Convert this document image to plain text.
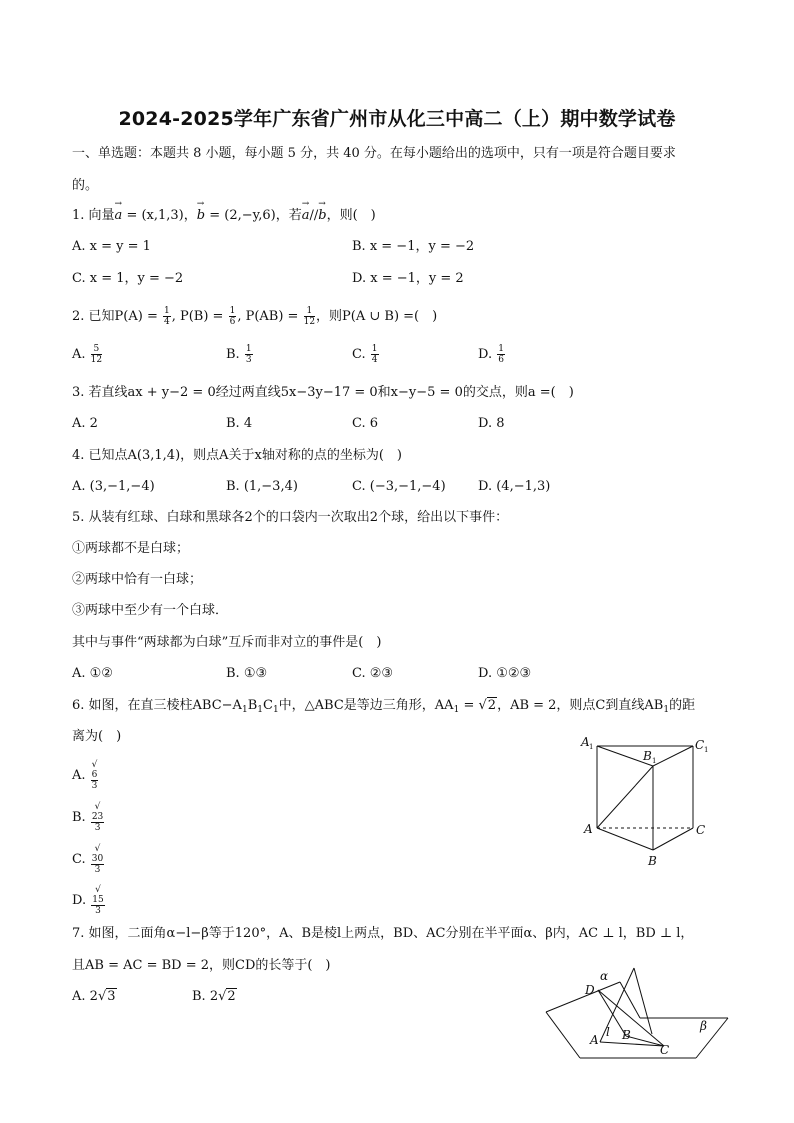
2024-2025学年广东省广州市从化三中高二（上）期中数学试卷
一、单选题：本题共 8 小题，每小题 5 分，共 40 分。在每小题给出的选项中，只有一项是符合题目要求
的。
1. 向量→ a = (x,1,3)，→ b = (2,−y,6)，若→ a//→ b，则(　)
A. x = y = 1	B. x = −1，y = −2
C. x = 1，y = −2	D. x = −1，y = 2
2. 已知$P(A) = \frac{1}{4}$ , $P(B) = \frac{1}{6}$ , $P(AB) = \frac{1}{12}$ ，则P(A ∪ B) =(　)
A. $\frac{5}{12}$	B. $\frac{1}{3}$	C. $\frac{1}{4}$	D. $\frac{1}{6}$
3. 若直线ax + y−2 = 0经过两直线5x−3y−17 = 0和x−y−5 = 0的交点，则a =(　)
A. 2	B. 4	C. 6	D. 8
4. 已知点A(3,1,4)，则点A关于x轴对称的点的坐标为(　)
A. (3,−1,−4)	B. (1,−3,4)	C. (−3,−1,−4) D. (4,−1,3)
5. 从装有红球、白球和黑球各2个的口袋内一次取出2个球，给出以下事件：
①两球都不是白球；
②两球中恰有一白球；
③两球中至少有一个白球．
其中与事件“两球都为白球”互斥而非对立的事件是(　)
A. ①②	B. ①③	C. ②③	D. ①②③
6. 如图，在直三棱柱$ABC-A_1B_1C_1$中，△ABC是等边三角形，$AA_1 = √2$，AB = 2，则点C到直线$AB_1$的距
离为(　)
A. √
6
3
B. √
23
3
C. √
30
3
D. √
15
3
A 1
B 1
C 1
A	C
B
7. 如图，二面角α−l−β等于120°，A、B是棱l上两点，BD、AC分别在半平面α、β内，AC ⊥ l，BD ⊥ l，
且AB = AC = BD = 2，则CD的长等于(　)
A. 2√3	B. 2√2
α
β
D
A
l B
C
